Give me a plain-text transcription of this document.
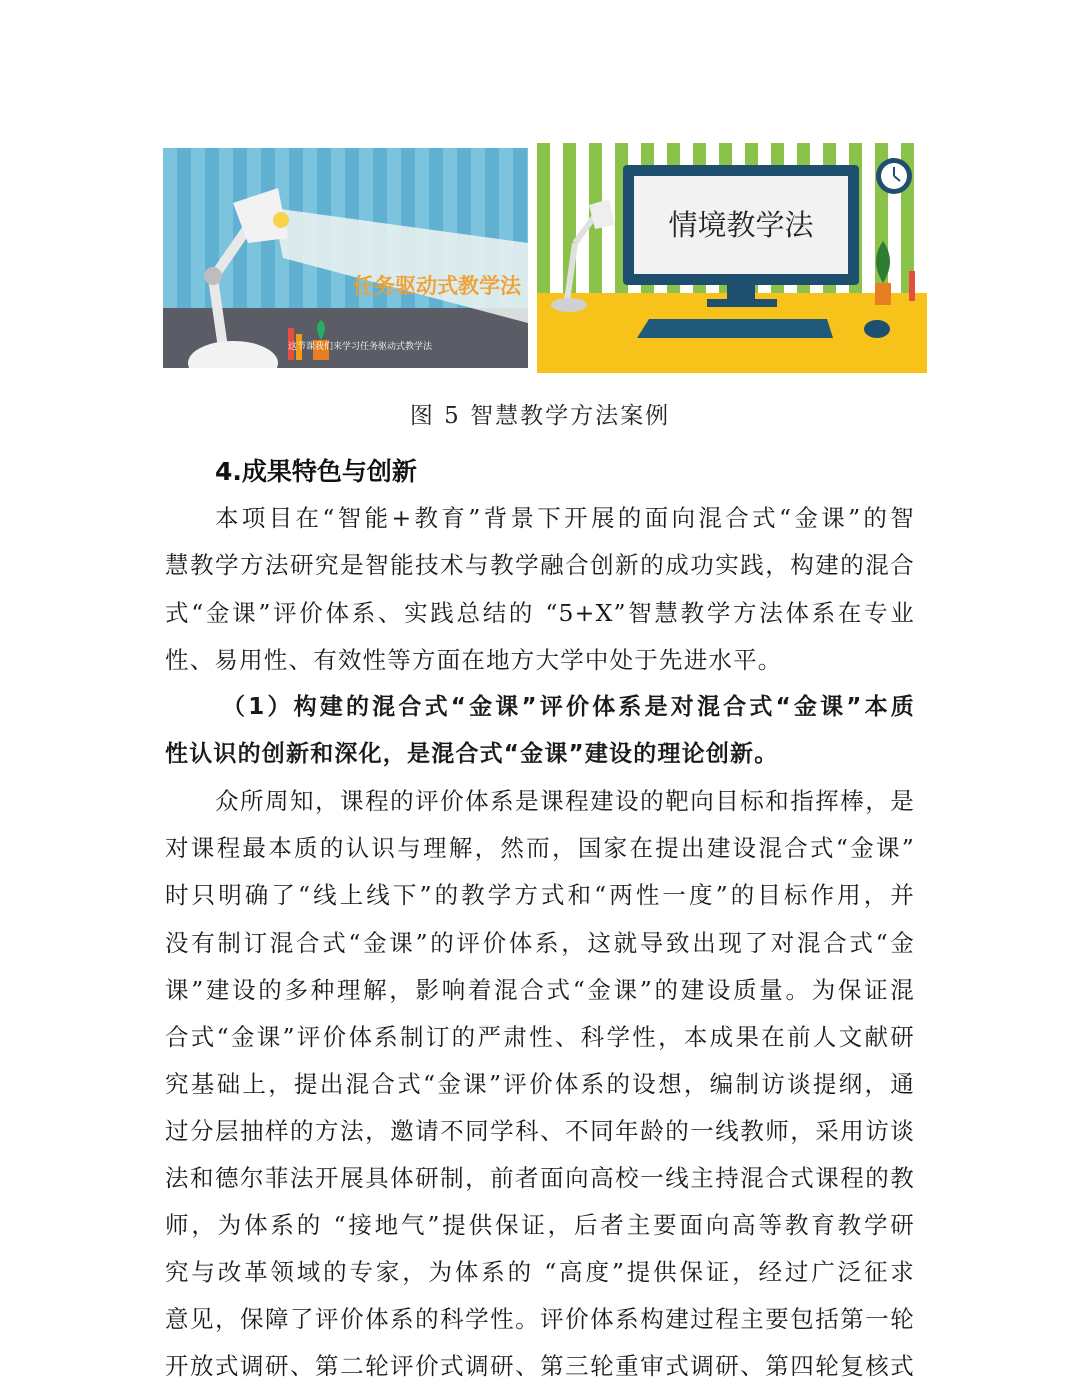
任务驱动式教学法
这节课我们来学习任务驱动式教学法
情境教学法
图 5 智慧教学方法案例
4.成果特色与创新
本项目在“智能+教育”背景下开展的面向混合式“金课”的智
慧教学方法研究是智能技术与教学融合创新的成功实践，构建的混合
式“金课”评价体系、实践总结的 “5+X”智慧教学方法体系在专业
性、易用性、有效性等方面在地方大学中处于先进水平。
（1）构建的混合式“金课”评价体系是对混合式“金课”本质
性认识的创新和深化，是混合式“金课”建设的理论创新。
众所周知，课程的评价体系是课程建设的靶向目标和指挥棒，是
对课程最本质的认识与理解，然而，国家在提出建设混合式“金课”
时只明确了“线上线下”的教学方式和“两性一度”的目标作用，并
没有制订混合式“金课”的评价体系，这就导致出现了对混合式“金
课”建设的多种理解，影响着混合式“金课”的建设质量。为保证混
合式“金课”评价体系制订的严肃性、科学性，本成果在前人文献研
究基础上，提出混合式“金课”评价体系的设想，编制访谈提纲，通
过分层抽样的方法，邀请不同学科、不同年龄的一线教师，采用访谈
法和德尔菲法开展具体研制，前者面向高校一线主持混合式课程的教
师，为体系的 “接地气”提供保证，后者主要面向高等教育教学研
究与改革领域的专家，为体系的 “高度”提供保证，经过广泛征求
意见，保障了评价体系的科学性。评价体系构建过程主要包括第一轮
开放式调研、第二轮评价式调研、第三轮重审式调研、第四轮复核式
